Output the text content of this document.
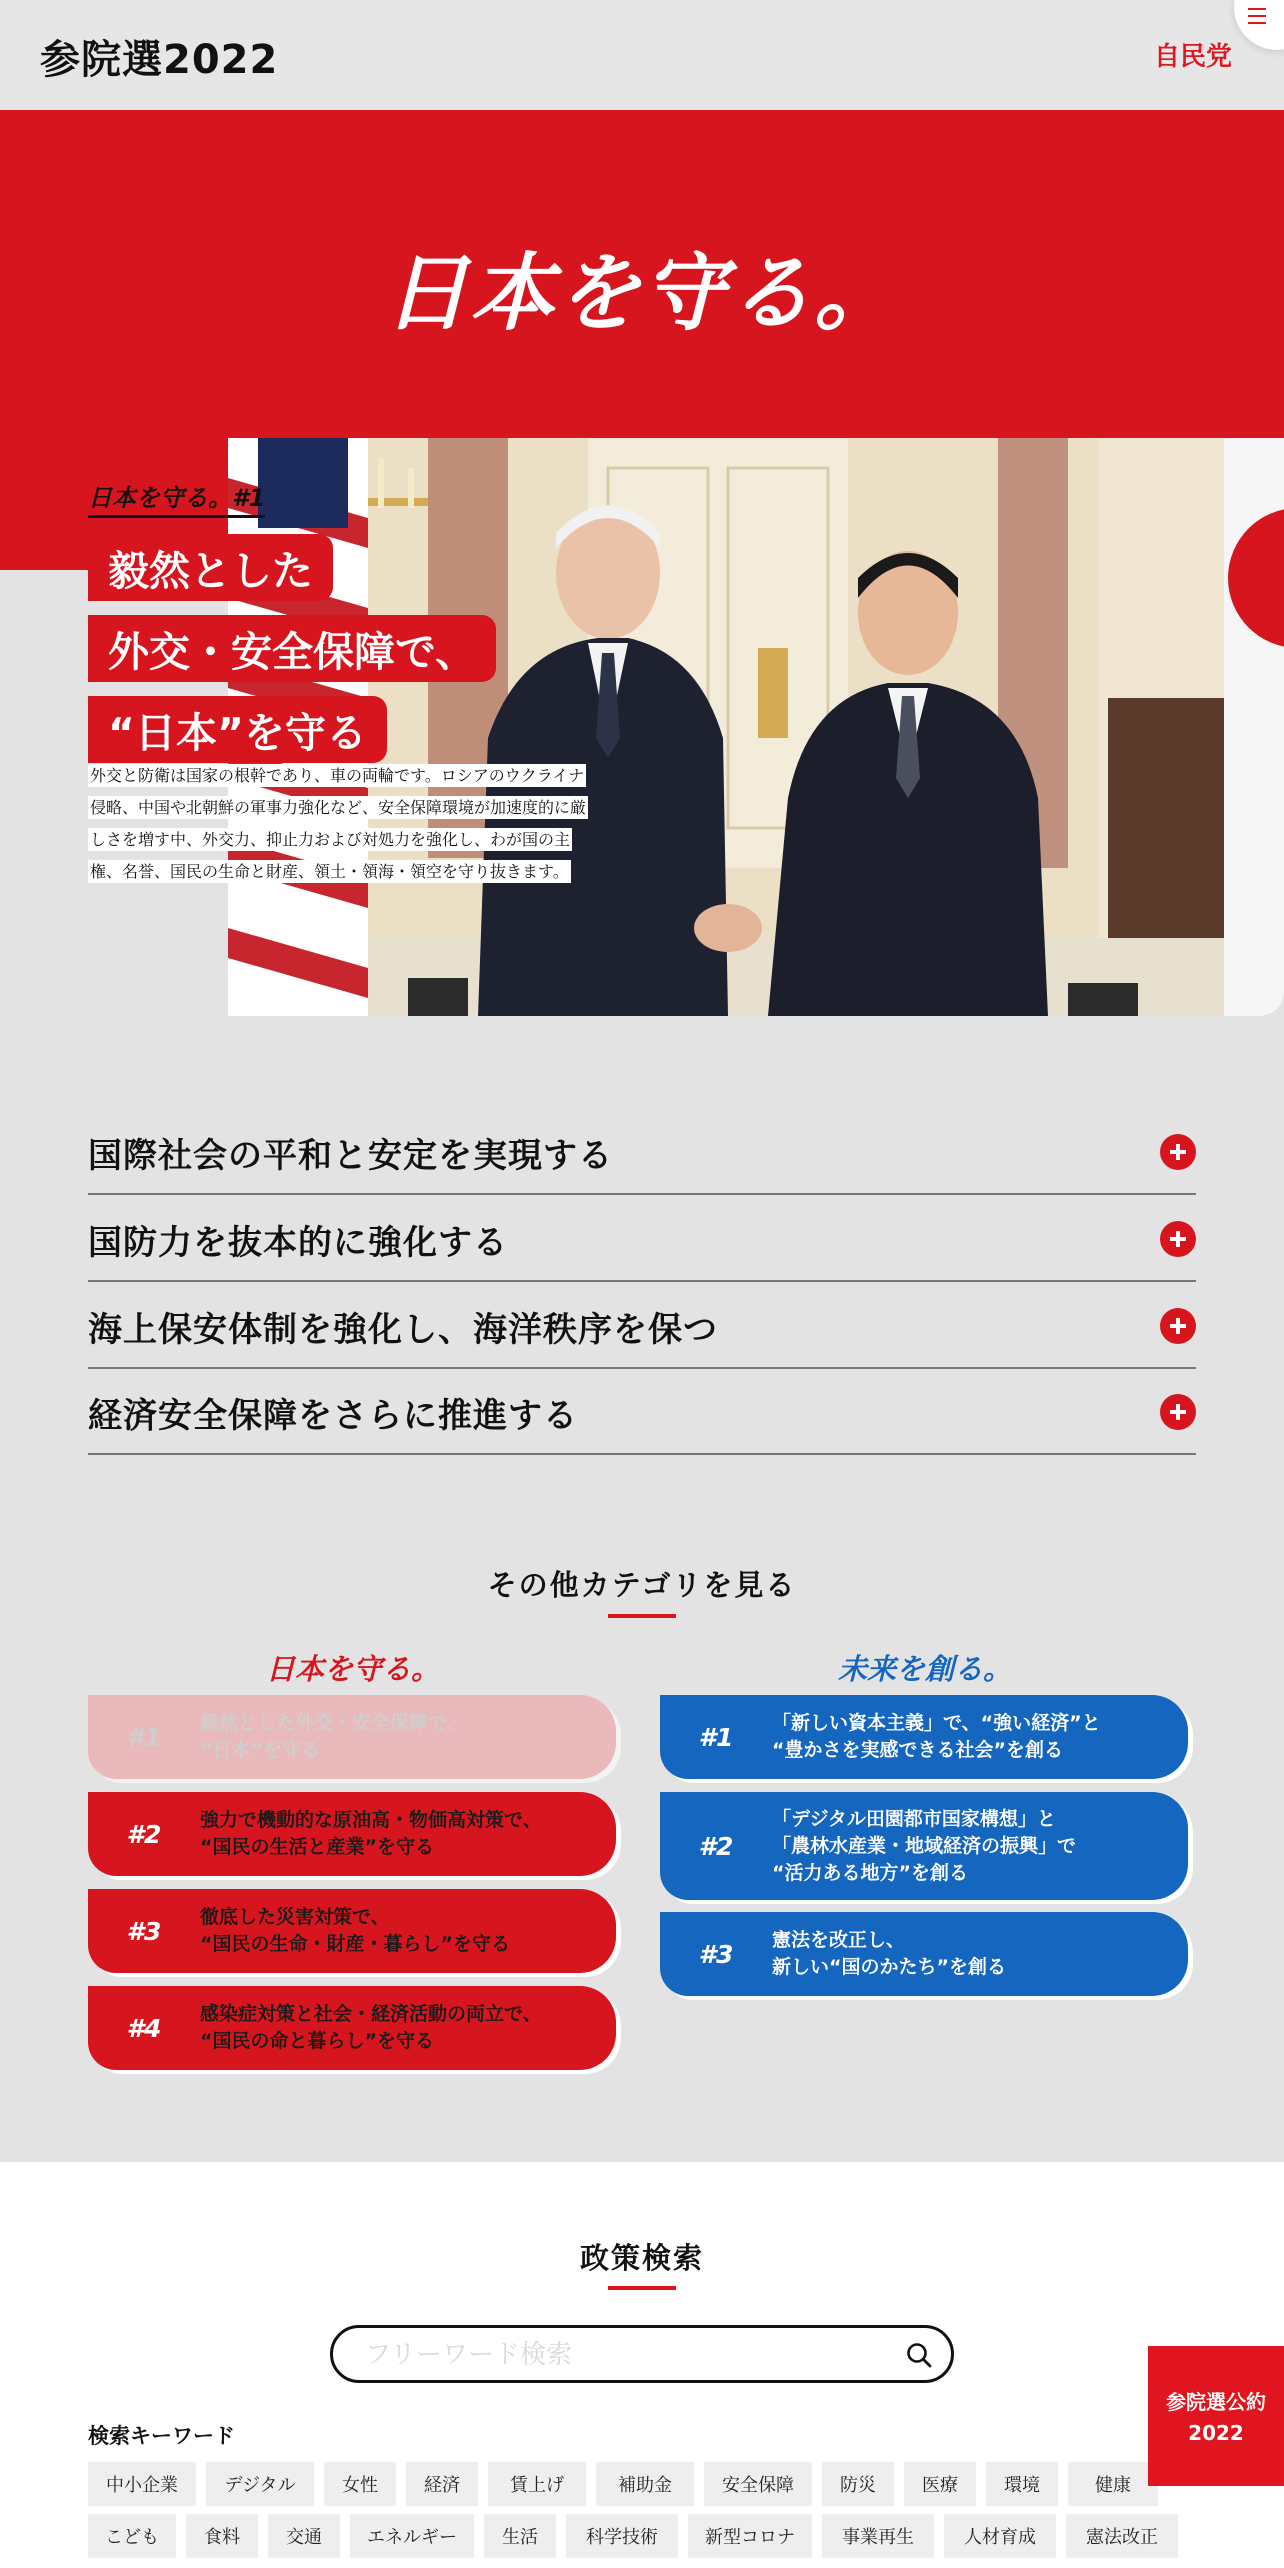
参院選2022	自民党
日本を守る。
日本を守る。#1
毅然とした
外交・安全保障で、
“日本”を守る
外交と防衛は国家の根幹であり、車の両輪です。ロシアのウクライナ侵略、中国や北朝鮮の軍事力強化など、安全保障環境が加速度的に厳しさを増す中、外交力、抑止力および対処力を強化し、わが国の主権、名誉、国民の生命と財産、領土・領海・領空を守り抜きます。
国際社会の平和と安定を実現する
国防力を抜本的に強化する
海上保安体制を強化し、海洋秩序を保つ
経済安全保障をさらに推進する
その他カテゴリを見る
日本を守る。	未来を創る。
#1	毅然とした外交・安全保障で、
“日本”を守る
#2	強力で機動的な原油高・物価高対策で、
“国民の生活と産業”を守る
#3	徹底した災害対策で、
“国民の生命・財産・暮らし”を守る
#4	感染症対策と社会・経済活動の両立で、
“国民の命と暮らし”を守る
#1	「新しい資本主義」で、“強い経済”と
“豊かさを実感できる社会”を創る
#2
「デジタル田園都市国家構想」と
「農林水産業・地域経済の振興」で
“活力ある地方”を創る
#3	憲法を改正し、
新しい“国のかたち”を創る
政策検索
フリーワード検索
検索キーワード
中小企業	デジタル	女性	経済	賃上げ	補助金	安全保障	防災	医療	環境	健康
こども	食料	交通	エネルギー	生活	科学技術	新型コロナ	事業再生	人材育成	憲法改正
参院選公約
2022
